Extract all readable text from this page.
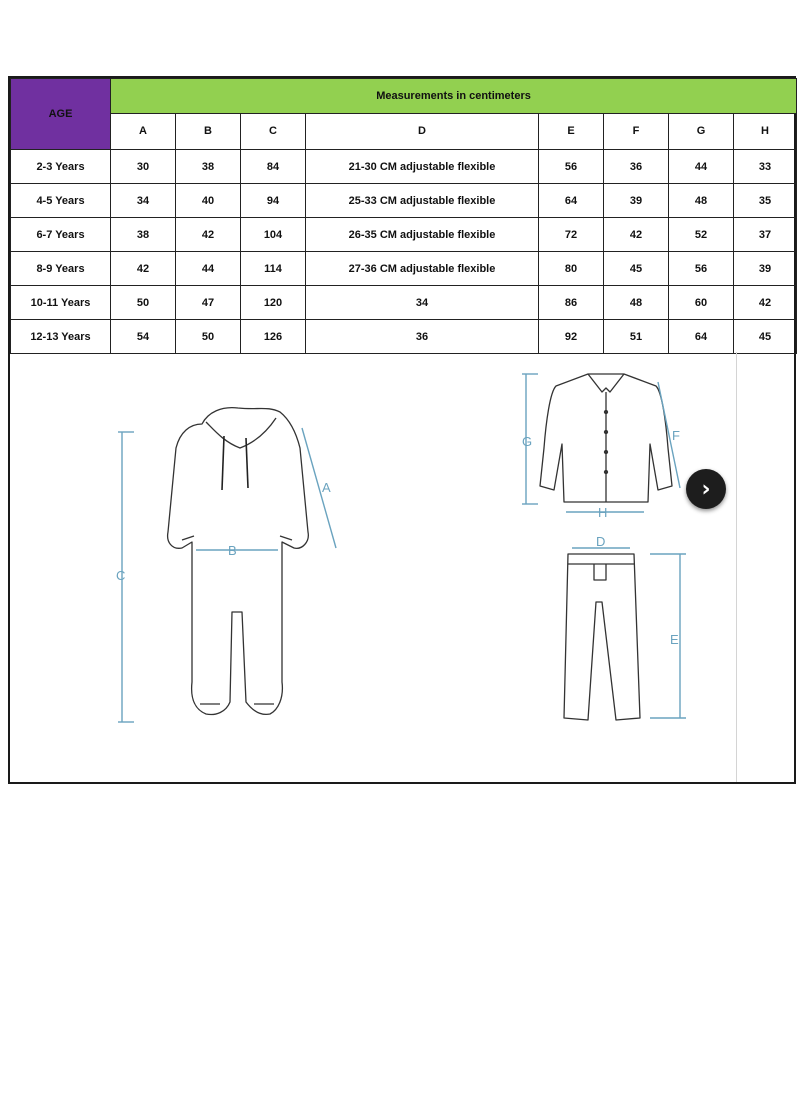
AGE	Measurements in centimeters							
	A	B	C	D	E	F	G	H
2-3 Years	30	38	84	21-30 CM adjustable flexible	56	36	44	33
4-5 Years	34	40	94	25-33 CM adjustable flexible	64	39	48	35
6-7 Years	38	42	104	26-35 CM adjustable flexible	72	42	52	37
8-9 Years	42	44	114	27-36 CM adjustable flexible	80	45	56	39
10-11 Years	50	47	120	34	86	48	60	42
12-13 Years	54	50	126	36	92	51	64	45
C
A
B
G	F
H
D
E
›
